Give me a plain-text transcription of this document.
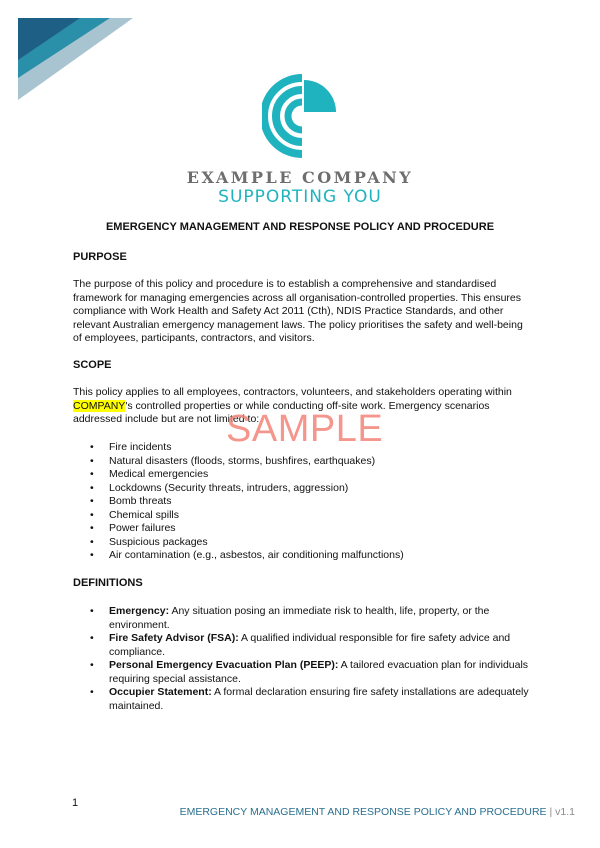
EXAMPLE COMPANY
SUPPORTING YOU
EMERGENCY MANAGEMENT AND RESPONSE POLICY AND PROCEDURE
PURPOSE

The purpose of this policy and procedure is to establish a comprehensive and standardised framework for managing emergencies across all organisation-controlled properties. This ensures compliance with Work Health and Safety Act 2011 (Cth), NDIS Practice Standards, and other relevant Australian emergency management laws. The policy prioritises the safety and well-being of employees, participants, contractors, and visitors.

SCOPE

This policy applies to all employees, contractors, volunteers, and stakeholders operating within COMPANY's controlled properties or while conducting off-site work. Emergency scenarios addressed include but are not limited to:

• Fire incidents
• Natural disasters (floods, storms, bushfires, earthquakes)
• Medical emergencies
• Lockdowns (Security threats, intruders, aggression)
• Bomb threats
• Chemical spills
• Power failures
• Suspicious packages
• Air contamination (e.g., asbestos, air conditioning malfunctions)
DEFINITIONS
• Emergency: Any situation posing an immediate risk to health, life, property, or the environment.
• Fire Safety Advisor (FSA): A qualified individual responsible for fire safety advice and compliance.
• Personal Emergency Evacuation Plan (PEEP): A tailored evacuation plan for individuals requiring special assistance.
• Occupier Statement: A formal declaration ensuring fire safety installations are adequately maintained.
SAMPLE
1
EMERGENCY MANAGEMENT AND RESPONSE POLICY AND PROCEDURE | v1.1
